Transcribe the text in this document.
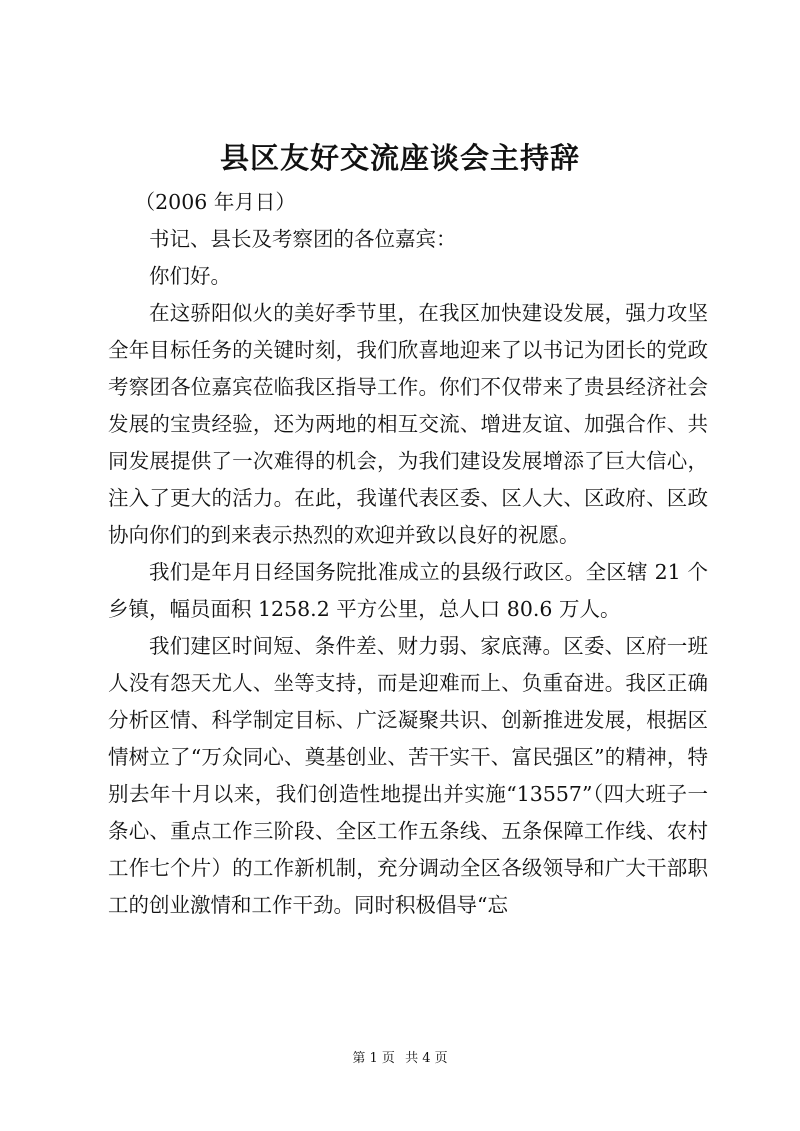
县区友好交流座谈会主持辞

（2006 年月日）

书记、县长及考察团的各位嘉宾：

你们好。

在这骄阳似火的美好季节里，在我区加快建设发展，强力攻坚全年目标任务的关键时刻，我们欣喜地迎来了以书记为团长的党政考察团各位嘉宾莅临我区指导工作。你们不仅带来了贵县经济社会发展的宝贵经验，还为两地的相互交流、增进友谊、加强合作、共同发展提供了一次难得的机会，为我们建设发展增添了巨大信心，注入了更大的活力。在此，我谨代表区委、区人大、区政府、区政协向你们的到来表示热烈的欢迎并致以良好的祝愿。

我们是年月日经国务院批准成立的县级行政区。全区辖 21 个乡镇，幅员面积 1258.2 平方公里，总人口 80.6 万人。

我们建区时间短、条件差、财力弱、家底薄。区委、区府一班人没有怨天尤人、坐等支持，而是迎难而上、负重奋进。我区正确分析区情、科学制定目标、广泛凝聚共识、创新推进发展，根据区情树立了“万众同心、奠基创业、苦干实干、富民强区”的精神，特别去年十月以来，我们创造性地提出并实施“13557”（四大班子一条心、重点工作三阶段、全区工作五条线、五条保障工作线、农村工作七个片）的工作新机制，充分调动全区各级领导和广大干部职工的创业激情和工作干劲。同时积极倡导“忘

第 1 页 共 4 页
